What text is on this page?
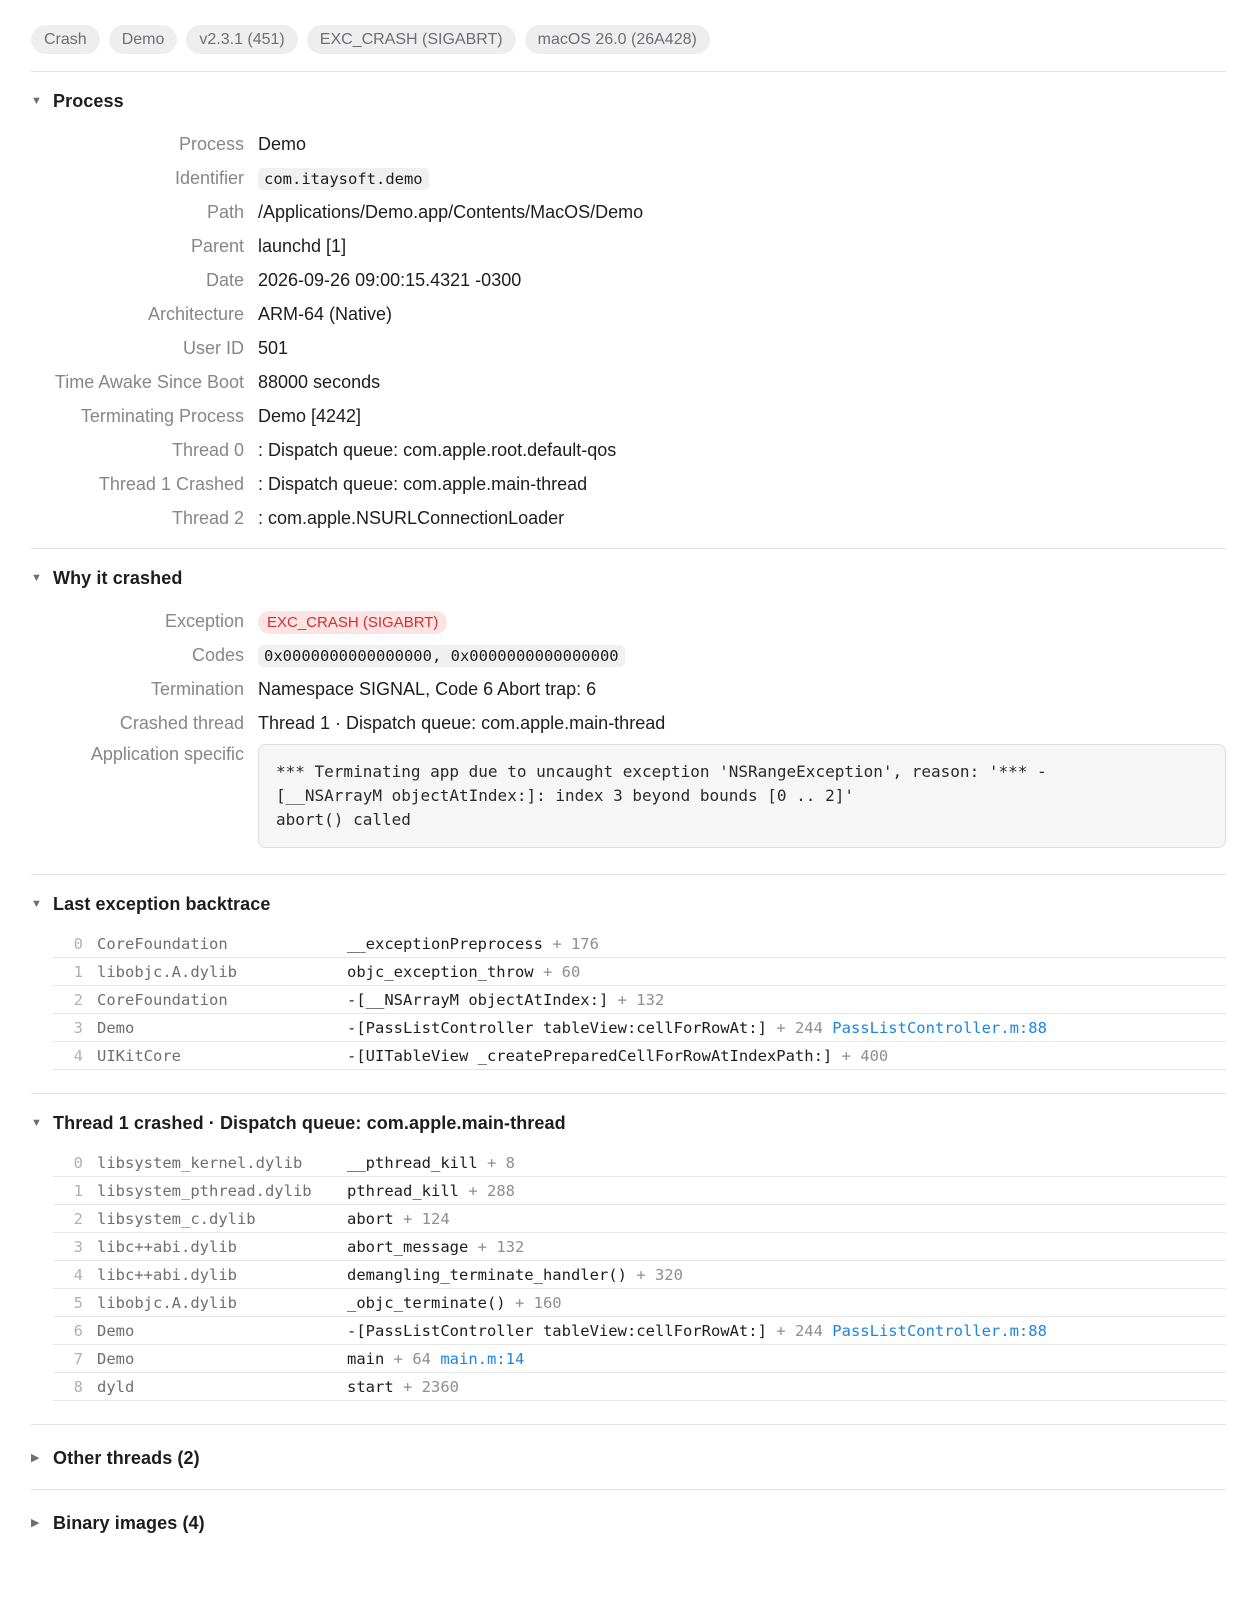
Crash	Demo	v2.3.1 (451)	EXC_CRASH (SIGABRT)	macOS 26.0 (26A428)
▼ Process
Process Demo
Identifier	com.itaysoft.demo
Path /Applications/Demo.app/Contents/MacOS/Demo
Parent launchd [1]
Date 2026-09-26 09:00:15.4321 -0300
Architecture ARM-64 (Native)
User ID 501
Time Awake Since Boot 88000 seconds
Terminating Process Demo [4242]
Thread 0 : Dispatch queue: com.apple.root.default-qos
Thread 1 Crashed : Dispatch queue: com.apple.main-thread
Thread 2 : com.apple.NSURLConnectionLoader
▼ Why it crashed
Exception	EXC_CRASH (SIGABRT)
Codes	0x0000000000000000, 0x0000000000000000
Termination Namespace SIGNAL, Code 6 Abort trap: 6
Crashed thread Thread 1 · Dispatch queue: com.apple.main-thread
Application specific
*** Terminating app due to uncaught exception 'NSRangeException', reason: '*** -
[__NSArrayM objectAtIndex:]: index 3 beyond bounds [0 .. 2]'
abort() called
▼ Last exception backtrace
0 CoreFoundation	__exceptionPreprocess + 176
1 libobjc.A.dylib	objc_exception_throw + 60
2 CoreFoundation	-[__NSArrayM objectAtIndex:] + 132
3 Demo	-[PassListController tableView:cellForRowAt:] + 244 PassListController.m:88
4 UIKitCore	-[UITableView _createPreparedCellForRowAtIndexPath:] + 400
▼ Thread 1 crashed · Dispatch queue: com.apple.main-thread
0 libsystem_kernel.dylib	__pthread_kill + 8
1 libsystem_pthread.dylib	pthread_kill + 288
2 libsystem_c.dylib	abort + 124
3 libc++abi.dylib	abort_message + 132
4 libc++abi.dylib	demangling_terminate_handler() + 320
5 libobjc.A.dylib	_objc_terminate() + 160
6 Demo	-[PassListController tableView:cellForRowAt:] + 244 PassListController.m:88
7 Demo	main + 64 main.m:14
8 dyld	start + 2360
▶ Other threads (2)
▶ Binary images (4)
